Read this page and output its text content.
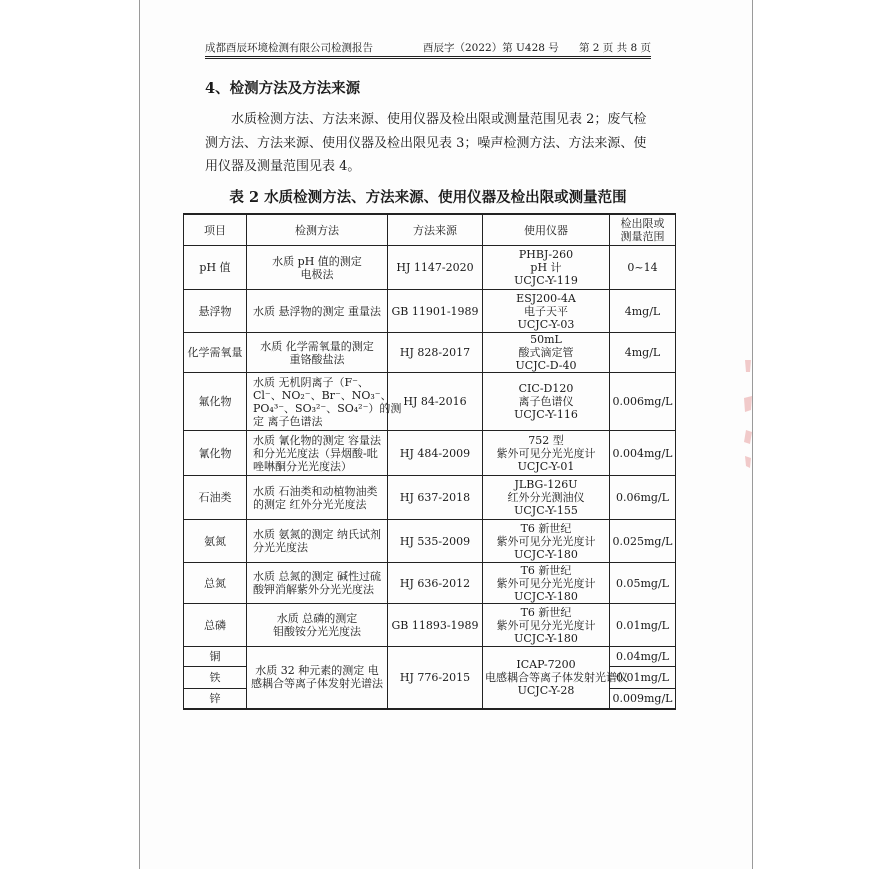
成都酉辰环境检测有限公司检测报告	酉辰字（2022）第 U428 号 第 2 页 共 8 页
4、检测方法及方法来源

水质检测方法、方法来源、使用仪器及检出限或测量范围见表 2；废气检

测方法、方法来源、使用仪器及检出限见表 3；噪声检测方法、方法来源、使

用仪器及测量范围见表 4。

表 2 水质检测方法、方法来源、使用仪器及检出限或测量范围
项目	检测方法	方法来源	使用仪器	检出限或
测量范围

pH 值	水质 pH 值的测定
电极法	HJ 1147-2020	PHBJ-260
pH 计
UCJC-Y-119	0~14
悬浮物	水质 悬浮物的测定 重量法	GB 11901-1989	ESJ200-4A
电子天平
UCJC-Y-03	4mg/L
化学需氧量	水质 化学需氧量的测定
重铬酸盐法	HJ 828-2017	50mL
酸式滴定管
UCJC-D-40	4mg/L
氟化物	水质 无机阴离子（F⁻、
Cl⁻、NO₂⁻、Br⁻、NO₃⁻、
PO₄³⁻、SO₃²⁻、SO₄²⁻）的测
定 离子色谱法	HJ 84-2016	CIC-D120
离子色谱仪
UCJC-Y-116	0.006mg/L
氰化物	水质 氰化物的测定 容量法
和分光光度法（异烟酸-吡
唑啉酮分光光度法）	HJ 484-2009	752 型
紫外可见分光光度计
UCJC-Y-01	0.004mg/L
石油类	水质 石油类和动植物油类
的测定 红外分光光度法	HJ 637-2018	JLBG-126U
红外分光测油仪
UCJC-Y-155	0.06mg/L
氨氮	水质 氨氮的测定 纳氏试剂
分光光度法	HJ 535-2009	T6 新世纪
紫外可见分光光度计
UCJC-Y-180	0.025mg/L
总氮	水质 总氮的测定 碱性过硫
酸钾消解紫外分光光度法	HJ 636-2012	T6 新世纪
紫外可见分光光度计
UCJC-Y-180	0.05mg/L
总磷	水质 总磷的测定
钼酸铵分光光度法	GB 11893-1989	T6 新世纪
紫外可见分光光度计
UCJC-Y-180	0.01mg/L
铜	水质 32 种元素的测定 电
感耦合等离子体发射光谱法	HJ 776-2015	ICAP-7200
电感耦合等离子体发射光谱仪
UCJC-Y-28	0.04mg/L
铁				0.01mg/L
锌				0.009mg/L
